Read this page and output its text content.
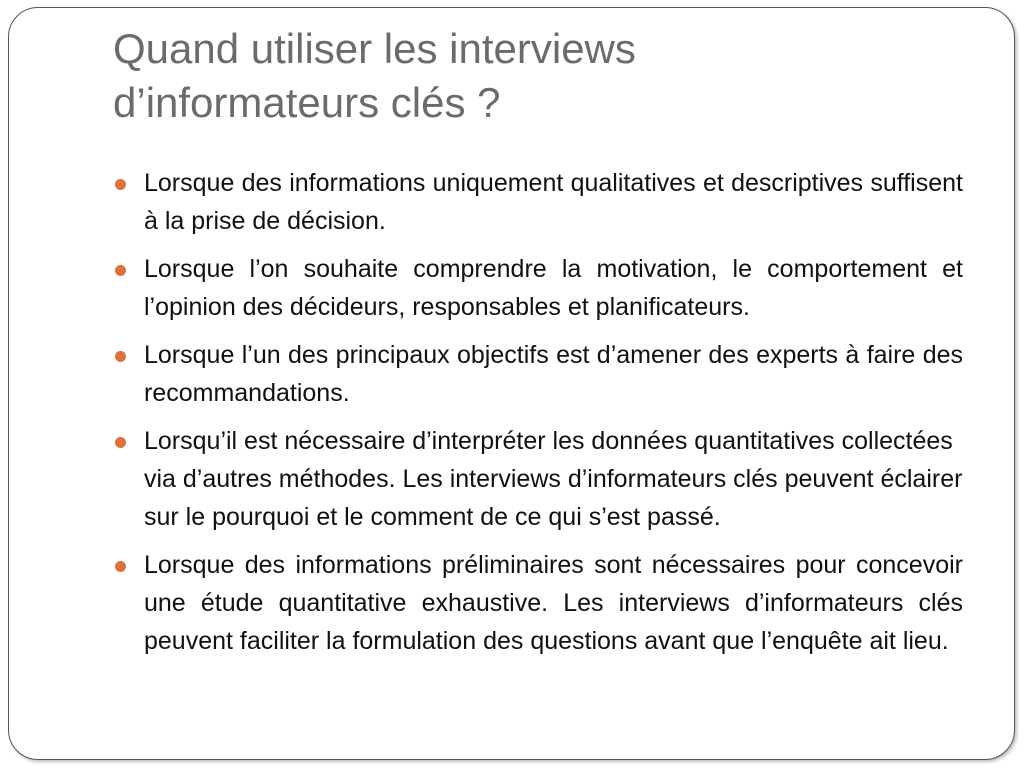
Quand utiliser les interviews
d’informateurs clés ?
Lorsque des informations uniquement qualitatives et descriptives suffisent à la prise de décision.
Lorsque l’on souhaite comprendre la motivation, le comportement et l’opinion des décideurs, responsables et planificateurs.
Lorsque l’un des principaux objectifs est d’amener des experts à faire des recommandations.
Lorsqu’il est nécessaire d’interpréter les données quantitatives collectées via d’autres méthodes. Les interviews d’informateurs clés peuvent éclairer sur le pourquoi et le comment de ce qui s’est passé.
Lorsque des informations préliminaires sont nécessaires pour concevoir une étude quantitative exhaustive. Les interviews d’informateurs clés peuvent faciliter la formulation des questions avant que l’enquête ait lieu.
